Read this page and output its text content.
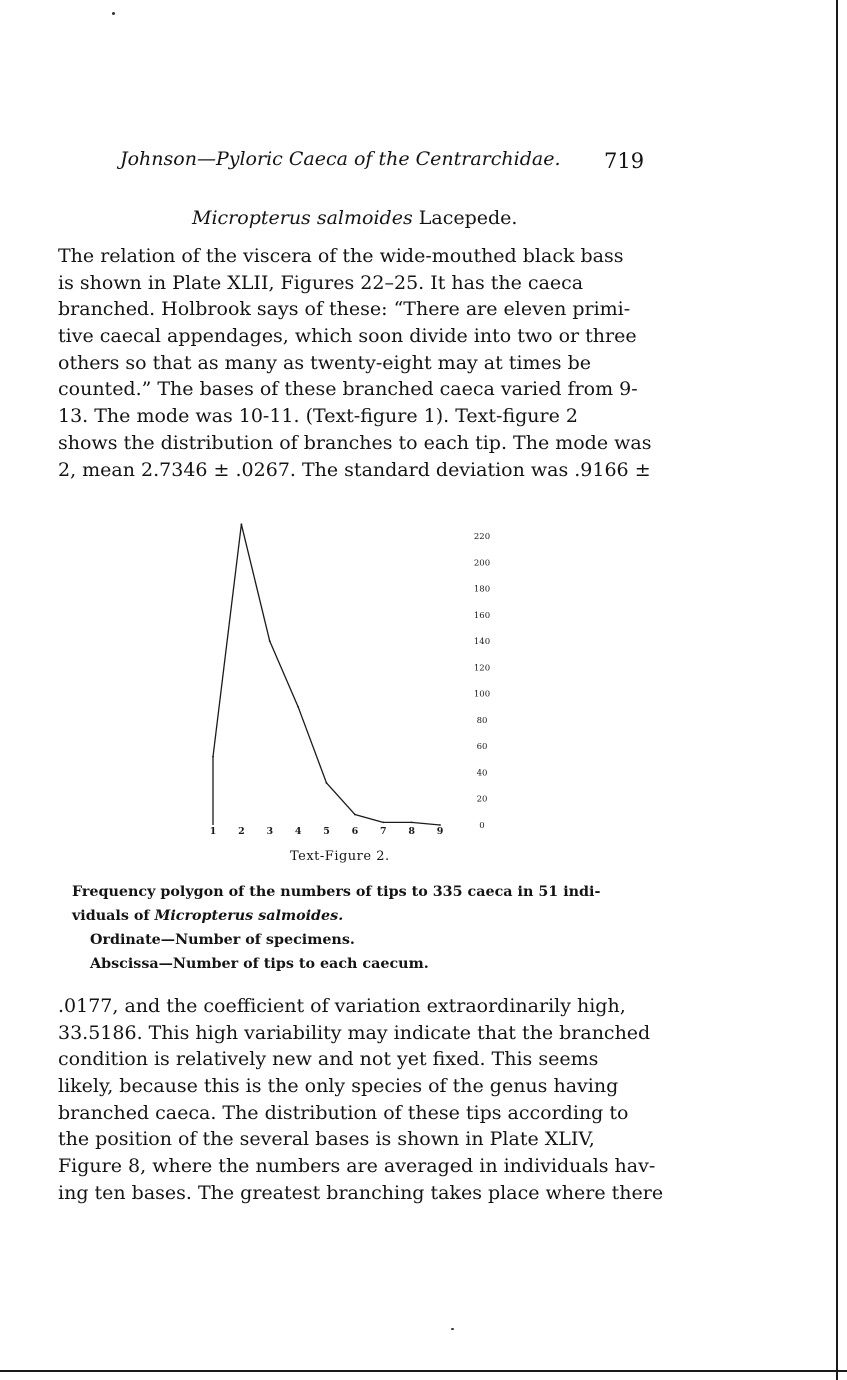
Johnson—Pyloric Caeca of the Centrarchidae.	719
Micropterus salmoides Lacepede.
The relation of the viscera of the wide-mouthed black bass
is shown in Plate XLII, Figures 22–25. It has the caeca
branched. Holbrook says of these: “There are eleven primi-
tive caecal appendages, which soon divide into two or three
others so that as many as twenty-eight may at times be
counted.” The bases of these branched caeca varied from 9-
13. The mode was 10-11. (Text-figure 1). Text-figure 2
shows the distribution of branches to each tip. The mode was
2, mean 2.7346 ± .0267. The standard deviation was .9166 ±
1 2 3 4 5 6 7 8 9	0
20
40
60
80
100
120
140
160
180
200
220
Text-Figure 2.
Frequency polygon of the numbers of tips to 335 caeca in 51 indi-
viduals of Micropterus salmoides.
Ordinate—Number of specimens.
Abscissa—Number of tips to each caecum.
.0177, and the coefficient of variation extraordinarily high,
33.5186. This high variability may indicate that the branched
condition is relatively new and not yet fixed. This seems
likely, because this is the only species of the genus having
branched caeca. The distribution of these tips according to
the position of the several bases is shown in Plate XLIV,
Figure 8, where the numbers are averaged in individuals hav-
ing ten bases. The greatest branching takes place where there
